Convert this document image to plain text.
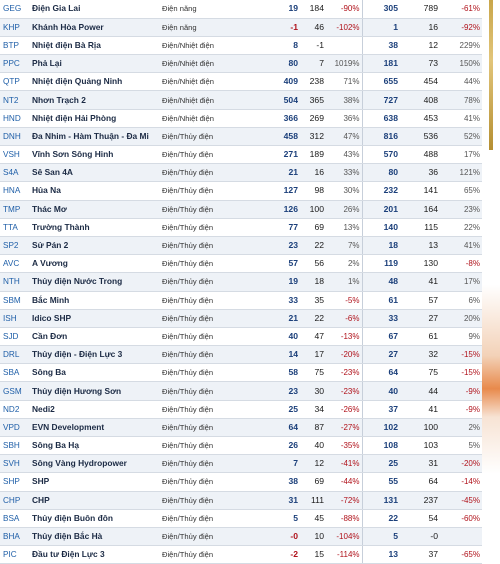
GEG	Điện Gia Lai	Điện năng	19	184	-90%	305	789	-61%
KHP	Khánh Hòa Power	Điện năng	-1	46	-102%	1	16	-92%
BTP	Nhiệt điện Bà Rịa	Điện/Nhiệt điện	8	-1		38	12	229%
PPC	Phả Lại	Điện/Nhiệt điện	80	7	1019%	181	73	150%
QTP	Nhiệt điện Quảng Ninh	Điện/Nhiệt điện	409	238	71%	655	454	44%
NT2	Nhơn Trạch 2	Điện/Nhiệt điện	504	365	38%	727	408	78%
HND	Nhiệt điện Hải Phòng	Điện/Nhiệt điện	366	269	36%	638	453	41%
DNH	Đa Nhim - Hàm Thuận - Đa Mi	Điện/Thủy điện	458	312	47%	816	536	52%
VSH	Vĩnh Sơn Sông Hinh	Điện/Thủy điện	271	189	43%	570	488	17%
S4A	Sê San 4A	Điện/Thủy điện	21	16	33%	80	36	121%
HNA	Hủa Na	Điện/Thủy điện	127	98	30%	232	141	65%
TMP	Thác Mơ	Điện/Thủy điện	126	100	26%	201	164	23%
TTA	Trường Thành	Điện/Thủy điện	77	69	13%	140	115	22%
SP2	Sử Pán 2	Điện/Thủy điện	23	22	7%	18	13	41%
AVC	A Vương	Điện/Thủy điện	57	56	2%	119	130	-8%
NTH	Thủy điện Nước Trong	Điện/Thủy điện	19	18	1%	48	41	17%
SBM	Bắc Minh	Điện/Thủy điện	33	35	-5%	61	57	6%
ISH	Idico SHP	Điện/Thủy điện	21	22	-6%	33	27	20%
SJD	Cần Đơn	Điện/Thủy điện	40	47	-13%	67	61	9%
DRL	Thủy điện - Điện Lực 3	Điện/Thủy điện	14	17	-20%	27	32	-15%
SBA	Sông Ba	Điện/Thủy điện	58	75	-23%	64	75	-15%
GSM	Thủy điện Hương Sơn	Điện/Thủy điện	23	30	-23%	40	44	-9%
ND2	Nedi2	Điện/Thủy điện	25	34	-26%	37	41	-9%
VPD	EVN Development	Điện/Thủy điện	64	87	-27%	102	100	2%
SBH	Sông Ba Hạ	Điện/Thủy điện	26	40	-35%	108	103	5%
SVH	Sông Vàng Hydropower	Điện/Thủy điện	7	12	-41%	25	31	-20%
SHP	SHP	Điện/Thủy điện	38	69	-44%	55	64	-14%
CHP	CHP	Điện/Thủy điện	31	111	-72%	131	237	-45%
BSA	Thủy điện Buôn đôn	Điện/Thủy điện	5	45	-88%	22	54	-60%
BHA	Thủy điện Bắc Hà	Điện/Thủy điện	-0	10	-104%	5	-0	
PIC	Đầu tư Điện Lực 3	Điện/Thủy điện	-2	15	-114%	13	37	-65%
